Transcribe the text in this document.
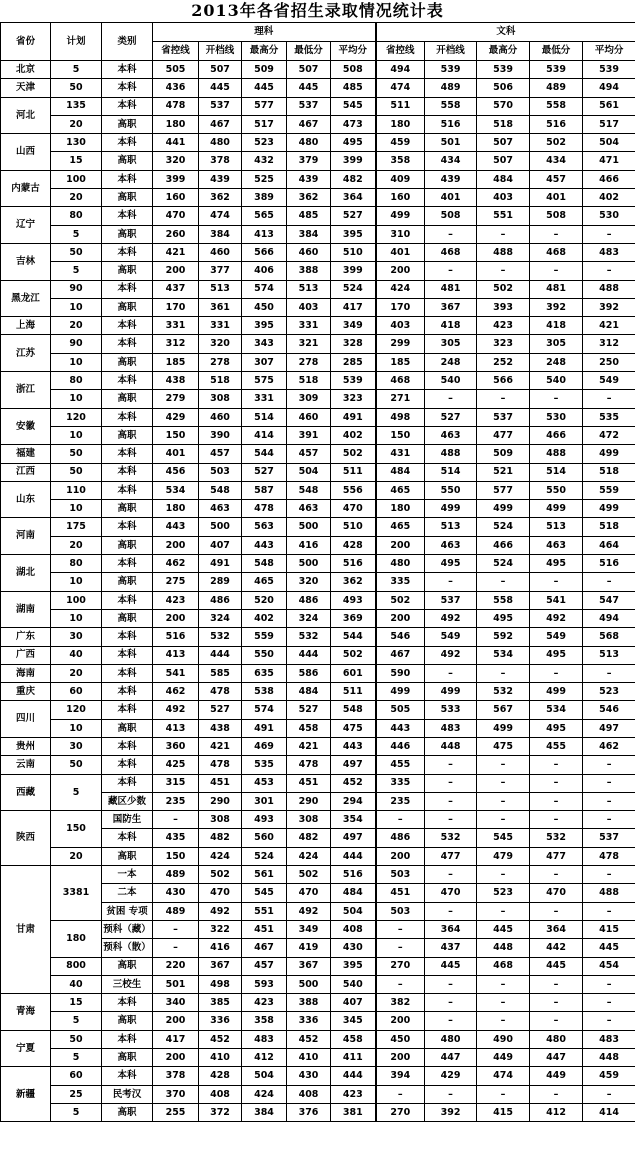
2013年各省招生录取情况统计表
省份	计划	类别	理科					文科				
			省控线	开档线	最高分	最低分	平均分	省控线	开档线	最高分	最低分	平均分
北京	5	本科	505	507	509	507	508	494	539	539	539	539
天津	50	本科	436	445	445	445	485	474	489	506	489	494
河北	135	本科	478	537	577	537	545	511	558	570	558	561
	20	高职	180	467	517	467	473	180	516	518	516	517
山西	130	本科	441	480	523	480	495	459	501	507	502	504
	15	高职	320	378	432	379	399	358	434	507	434	471
内蒙古	100	本科	399	439	525	439	482	409	439	484	457	466
	20	高职	160	362	389	362	364	160	401	403	401	402
辽宁	80	本科	470	474	565	485	527	499	508	551	508	530
	5	高职	260	384	413	384	395	310	–	–	–	–
吉林	50	本科	421	460	566	460	510	401	468	488	468	483
	5	高职	200	377	406	388	399	200	–	–	–	–
黑龙江	90	本科	437	513	574	513	524	424	481	502	481	488
	10	高职	170	361	450	403	417	170	367	393	392	392
上海	20	本科	331	331	395	331	349	403	418	423	418	421
江苏	90	本科	312	320	343	321	328	299	305	323	305	312
	10	高职	185	278	307	278	285	185	248	252	248	250
浙江	80	本科	438	518	575	518	539	468	540	566	540	549
	10	高职	279	308	331	309	323	271	–	–	–	–
安徽	120	本科	429	460	514	460	491	498	527	537	530	535
	10	高职	150	390	414	391	402	150	463	477	466	472
福建	50	本科	401	457	544	457	502	431	488	509	488	499
江西	50	本科	456	503	527	504	511	484	514	521	514	518
山东	110	本科	534	548	587	548	556	465	550	577	550	559
	10	高职	180	463	478	463	470	180	499	499	499	499
河南	175	本科	443	500	563	500	510	465	513	524	513	518
	20	高职	200	407	443	416	428	200	463	466	463	464
湖北	80	本科	462	491	548	500	516	480	495	524	495	516
	10	高职	275	289	465	320	362	335	–	–	–	–
湖南	100	本科	423	486	520	486	493	502	537	558	541	547
	10	高职	200	324	402	324	369	200	492	495	492	494
广东	30	本科	516	532	559	532	544	546	549	592	549	568
广西	40	本科	413	444	550	444	502	467	492	534	495	513
海南	20	本科	541	585	635	586	601	590	–	–	–	–
重庆	60	本科	462	478	538	484	511	499	499	532	499	523
四川	120	本科	492	527	574	527	548	505	533	567	534	546
	10	高职	413	438	491	458	475	443	483	499	495	497
贵州	30	本科	360	421	469	421	443	446	448	475	455	462
云南	50	本科	425	478	535	478	497	455	–	–	–	–
西藏	5	本科	315	451	453	451	452	335	–	–	–	–
		藏区少数	235	290	301	290	294	235	–	–	–	–
陕西	150	国防生	–	308	493	308	354	–	–	–	–	–
		本科	435	482	560	482	497	486	532	545	532	537
	20	高职	150	424	524	424	444	200	477	479	477	478
甘肃	3381	一本	489	502	561	502	516	503	–	–	–	–
		二本	430	470	545	470	484	451	470	523	470	488
		贫困 专项	489	492	551	492	504	503	–	–	–	–
	180	预科（藏）	–	322	451	349	408	–	364	445	364	415
		预科（散）	–	416	467	419	430	–	437	448	442	445
	800	高职	220	367	457	367	395	270	445	468	445	454
	40	三校生	501	498	593	500	540	–	–	–	–	–
青海	15	本科	340	385	423	388	407	382	–	–	–	–
	5	高职	200	336	358	336	345	200	–	–	–	–
宁夏	50	本科	417	452	483	452	458	450	480	490	480	483
	5	高职	200	410	412	410	411	200	447	449	447	448
新疆	60	本科	378	428	504	430	444	394	429	474	449	459
	25	民考汉	370	408	424	408	423	–	–	–	–	–
	5	高职	255	372	384	376	381	270	392	415	412	414
